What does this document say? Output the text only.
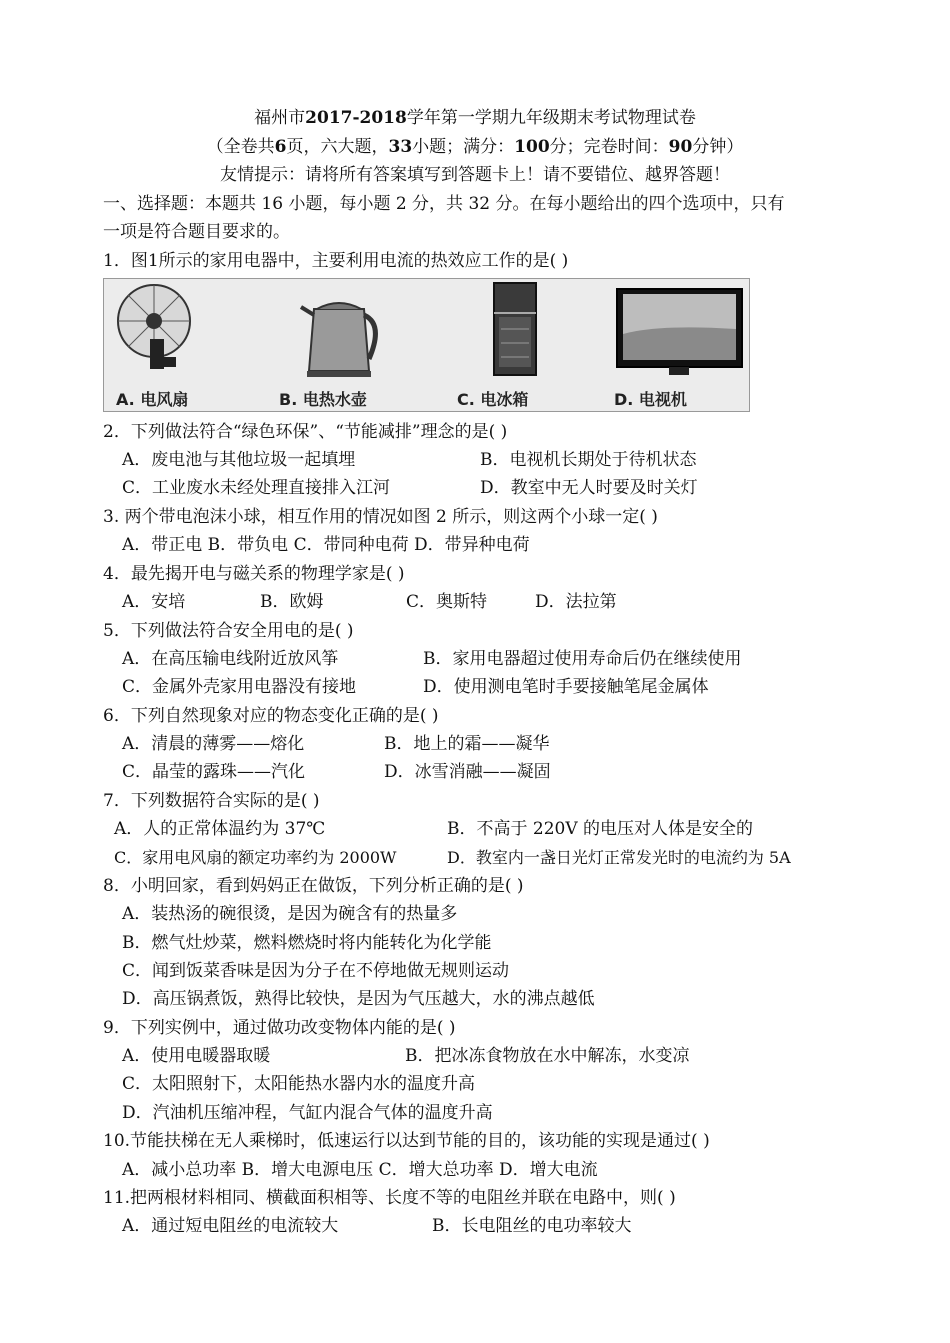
福州市2017-2018学年第一学期九年级期末考试物理试卷
（全卷共6页，六大题，33小题；满分：100分；完卷时间：90分钟）
友情提示：请将所有答案填写到答题卡上！请不要错位、越界答题！
一、选择题：本题共 16 小题，每小题 2 分，共 32 分。在每小题给出的四个选项中，只有
一项是符合题目要求的。
1．图1所示的家用电器中，主要利用电流的热效应工作的是( )
A. 电风扇	B. 电热水壶	C. 电冰箱	D. 电视机
2．下列做法符合“绿色环保”、“节能减排”理念的是( )
A．废电池与其他垃圾一起填埋	B．电视机长期处于待机状态
C．工业废水未经处理直接排入江河	D．教室中无人时要及时关灯
3. 两个带电泡沫小球，相互作用的情况如图 2 所示，则这两个小球一定( )
A．带正电 B．带负电 C．带同种电荷 D．带异种电荷
4．最先揭开电与磁关系的物理学家是( )
A．安培	B．欧姆	C．奥斯特	D．法拉第
5．下列做法符合安全用电的是( )
A．在高压输电线附近放风筝	B．家用电器超过使用寿命后仍在继续使用
C．金属外壳家用电器没有接地	D．使用测电笔时手要接触笔尾金属体
6．下列自然现象对应的物态变化正确的是( )
A．清晨的薄雾——熔化	B．地上的霜——凝华
C．晶莹的露珠——汽化	D．冰雪消融——凝固
7．下列数据符合实际的是( )
A．人的正常体温约为 37℃	B．不高于 220V 的电压对人体是安全的
C．家用电风扇的额定功率约为 2000W	D．教室内一盏日光灯正常发光时的电流约为 5A
8．小明回家，看到妈妈正在做饭，下列分析正确的是( )
A．装热汤的碗很烫，是因为碗含有的热量多
B．燃气灶炒菜，燃料燃烧时将内能转化为化学能
C．闻到饭菜香味是因为分子在不停地做无规则运动
D．高压锅煮饭，熟得比较快，是因为气压越大，水的沸点越低
9．下列实例中，通过做功改变物体内能的是( )
A．使用电暖器取暖	B．把冰冻食物放在水中解冻，水变凉
C．太阳照射下，太阳能热水器内水的温度升高
D．汽油机压缩冲程，气缸内混合气体的温度升高
10.节能扶梯在无人乘梯时，低速运行以达到节能的目的，该功能的实现是通过( )
A．减小总功率 B．增大电源电压 C．增大总功率 D．增大电流
11.把两根材料相同、横截面积相等、长度不等的电阻丝并联在电路中，则( )
A．通过短电阻丝的电流较大	B．长电阻丝的电功率较大
